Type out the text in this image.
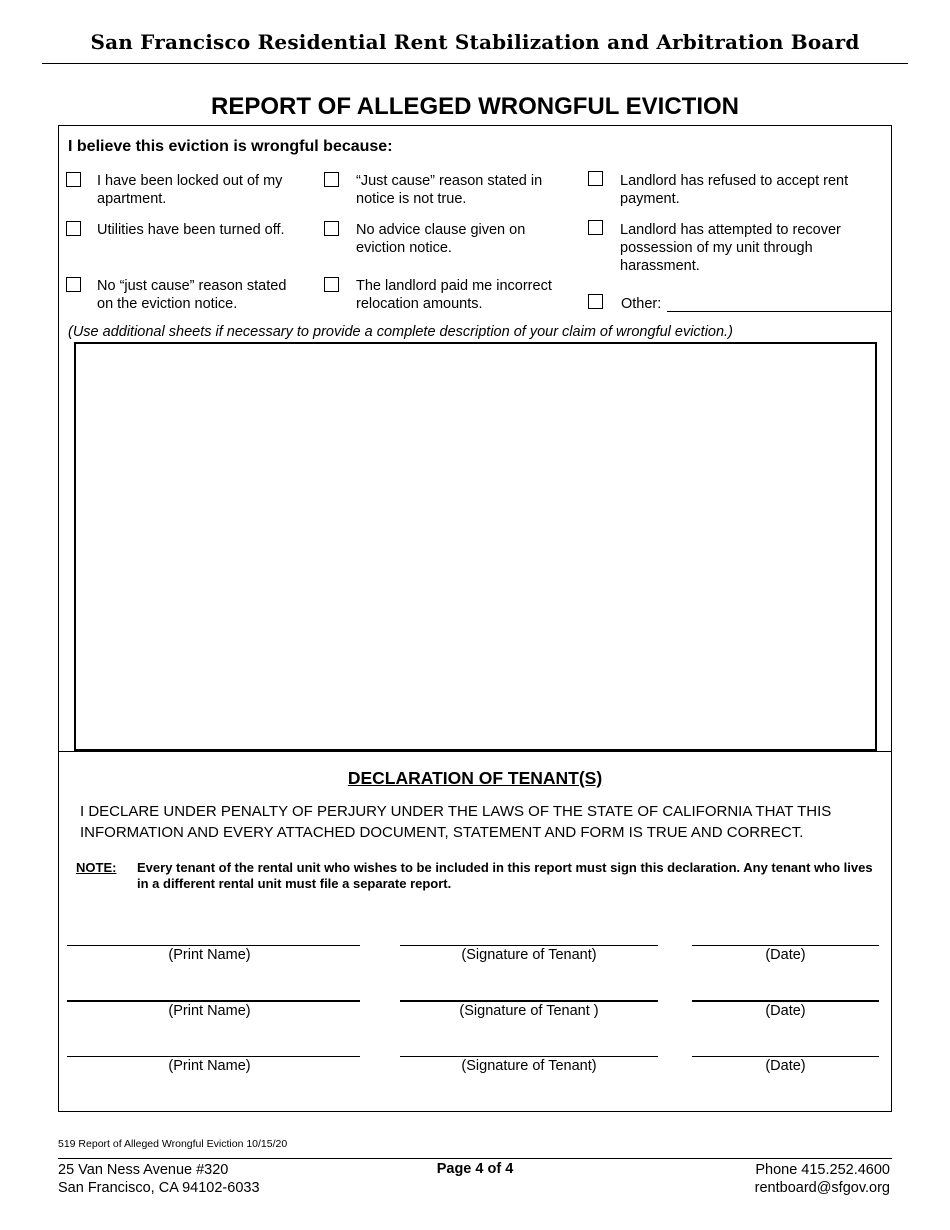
San Francisco Residential Rent Stabilization and Arbitration Board
REPORT OF ALLEGED WRONGFUL EVICTION
I believe this eviction is wrongful because:
I have been locked out of my
apartment.
“Just cause” reason stated in
notice is not true.
Landlord has refused to accept rent
payment.
Utilities have been turned off.	No advice clause given on
eviction notice.
Landlord has attempted to recover
possession of my unit through
harassment.
No “just cause” reason stated
on the eviction notice.
The landlord paid me incorrect
relocation amounts.	Other:
(Use additional sheets if necessary to provide a complete description of your claim of wrongful eviction.)
DECLARATION OF TENANT(S)
I DECLARE UNDER PENALTY OF PERJURY UNDER THE LAWS OF THE STATE OF CALIFORNIA THAT THIS INFORMATION AND EVERY ATTACHED DOCUMENT, STATEMENT AND FORM IS TRUE AND CORRECT.
NOTE: Every tenant of the rental unit who wishes to be included in this report must sign this declaration. Any tenant who lives in a different rental unit must file a separate report.
(Print Name)	(Signature of Tenant)	(Date)
(Print Name)	(Signature of Tenant )	(Date)
(Print Name)	(Signature of Tenant)	(Date)
519 Report of Alleged Wrongful Eviction 10/15/20
25 Van Ness Avenue #320
San Francisco, CA 94102-6033
Page 4 of 4	Phone 415.252.4600
rentboard@sfgov.org
